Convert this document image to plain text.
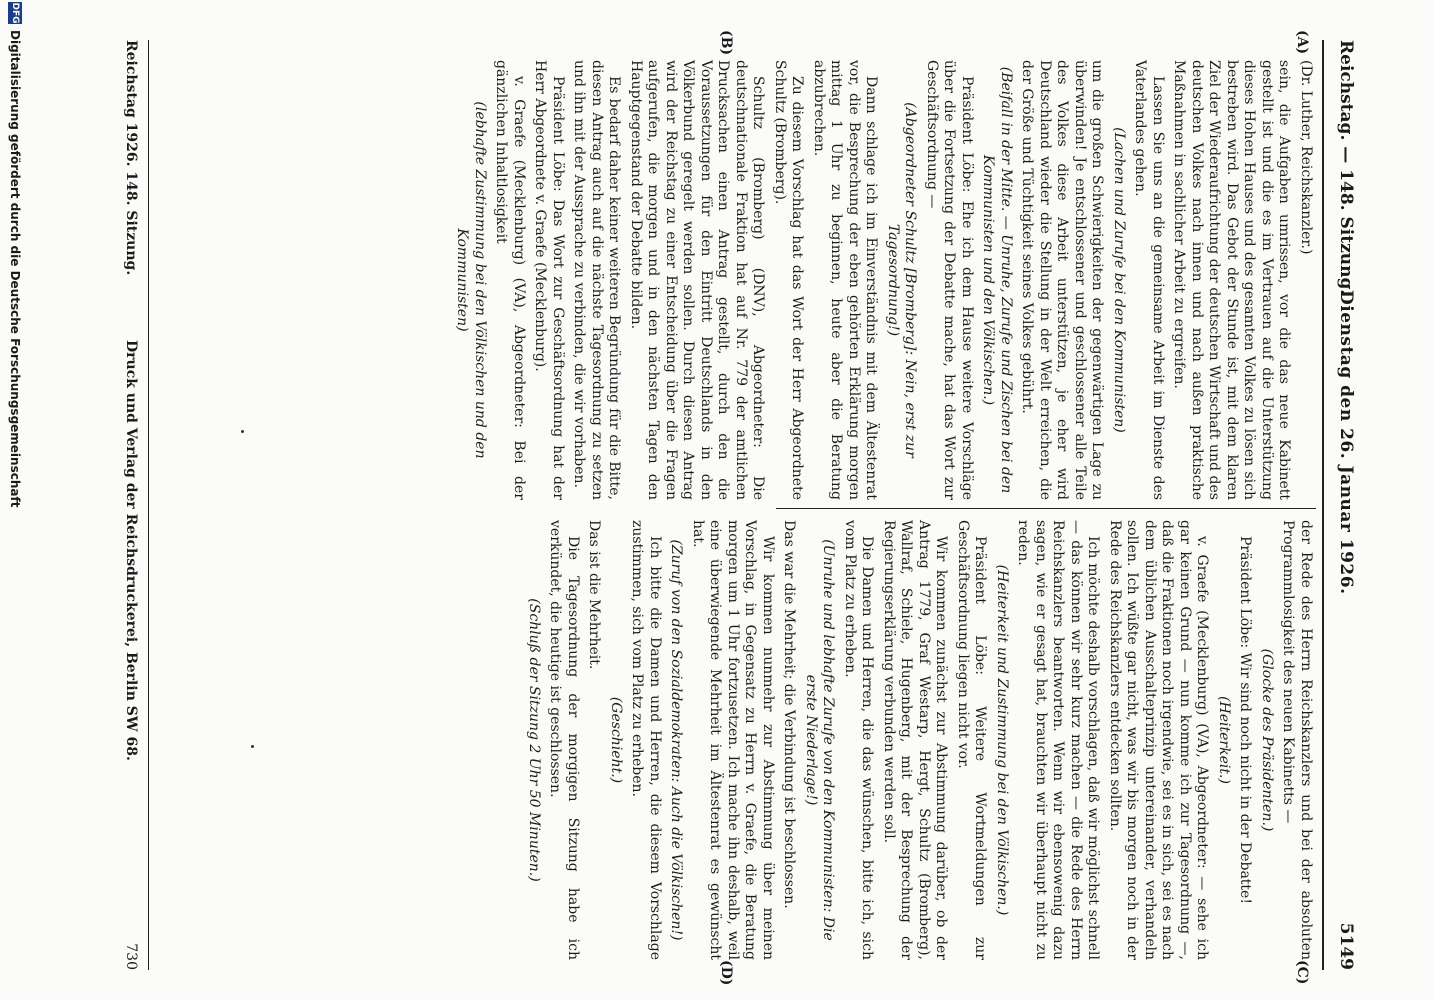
Reichstag. — 148. Sitzung.
Dienstag den 26. Januar 1926.
5149
(A)
(B)
(C)
(D)

(Dr. Luther, Reichskanzler.)

sein, die Aufgaben umrissen, vor die das neue Kabinett gestellt ist und die es im Vertrauen auf die Unterstützung dieses Hohen Hauses und des gesamten Volkes zu lösen sich bestreben wird. Das Gebot der Stunde ist, mit dem klaren Ziel der Wiederaufrichtung der deutschen Wirtschaft und des deutschen Volkes nach innen und nach außen praktische Maßnahmen in sachlicher Arbeit zu ergreifen.

Lassen Sie uns an die gemeinsame Arbeit im Dienste des Vaterlandes gehen.

(Lachen und Zurufe bei den Kommunisten)

um die großen Schwierigkeiten der gegenwärtigen Lage zu überwinden! Je entschlossener und geschlossener alle Teile des Volkes diese Arbeit unterstützen, je eher wird Deutschland wieder die Stellung in der Welt erreichen, die der Größe und Tüchtigkeit seines Volkes gebührt.

(Beifall in der Mitte. — Unruhe, Zurufe und Zischen bei den Kommunisten und den Völkischen.)

Präsident Löbe: Ehe ich dem Hause weitere Vorschläge über die Fortsetzung der Debatte mache, hat das Wort zur Geschäftsordnung —

(Abgeordneter Schultz [Bromberg]: Nein, erst zur Tagesordnung!)

Dann schlage ich im Einverständnis mit dem Ältestenrat vor, die Besprechung der eben gehörten Erklärung morgen mittag 1 Uhr zu beginnen, heute aber die Beratung abzubrechen.

Zu diesem Vorschlag hat das Wort der Herr Abgeordnete Schultz (Bromberg).

Schultz (Bromberg) (DNV), Abgeordneter: Die deutschnationale Fraktion hat auf Nr. 779 der amtlichen Drucksachen einen Antrag gestellt, durch den die Voraussetzungen für den Eintritt Deutschlands in den Völkerbund geregelt werden sollen. Durch diesen Antrag wird der Reichstag zu einer Entscheidung über die Fragen aufgerufen, die morgen und in den nächsten Tagen den Hauptgegenstand der Debatte bilden.

Es bedarf daher keiner weiteren Begründung für die Bitte, diesen Antrag auch auf die nächste Tagesordnung zu setzen und ihn mit der Aussprache zu verbinden, die wir vorhaben.

Präsident Löbe: Das Wort zur Geschäftsordnung hat der Herr Abgeordnete v. Graefe (Mecklenburg).

v. Graefe (Mecklenburg) (VA), Abgeordneter: Bei der gänzlichen Inhaltlosigkeit

(lebhafte Zustimmung bei den Völkischen und den Kommunisten)

der Rede des Herrn Reichskanzlers und bei der absoluten Programmlosigkeit des neuen Kabinetts —

(Glocke des Präsidenten.)

Präsident Löbe: Wir sind noch nicht in der Debatte!

(Heiterkeit.)

v. Graefe (Mecklenburg) (VA), Abgeordneter: — sehe ich gar keinen Grund — nun komme ich zur Tagesordnung —, daß die Fraktionen noch irgendwie, sei es in sich, sei es nach dem üblichen Ausschalteprinzip untereinander, verhandeln sollen. Ich wüßte gar nicht, was wir bis morgen noch in der Rede des Reichskanzlers entdecken sollten.

Ich möchte deshalb vorschlagen, daß wir möglichst schnell — das können wir sehr kurz machen — die Rede des Herrn Reichskanzlers beantworten. Wenn wir ebensowenig dazu sagen, wie er gesagt hat, brauchten wir überhaupt nicht zu reden.

(Heiterkeit und Zustimmung bei den Völkischen.)

Präsident Löbe: Weitere Wortmeldungen zur Geschäftsordnung liegen nicht vor.

Wir kommen zunächst zur Abstimmung darüber, ob der Antrag 1779, Graf Westarp, Hergt, Schultz (Bromberg), Wallraf, Schiele, Hugenberg, mit der Besprechung der Regierungserklärung verbunden werden soll.

Die Damen und Herren, die das wünschen, bitte ich, sich vom Platz zu erheben.

(Unruhe und lebhafte Zurufe von den Kommunisten: Die erste Niederlage!)

Das war die Mehrheit; die Verbindung ist beschlossen.

Wir kommen nunmehr zur Abstimmung über meinen Vorschlag, in Gegensatz zu Herrn v. Graefe, die Beratung morgen um 1 Uhr fortzusetzen. Ich mache ihn deshalb, weil eine überwiegende Mehrheit im Ältestenrat es gewünscht hat.

(Zuruf von den Sozialdemokraten: Auch die Völkischen!)

Ich bitte die Damen und Herren, die diesem Vorschlage zustimmen, sich vom Platz zu erheben.

(Geschieht.)

Das ist die Mehrheit.

Die Tagesordnung der morgigen Sitzung habe ich verkündet, die heutige ist geschlossen.

(Schluß der Sitzung 2 Uhr 50 Minuten.)

Reichstag 1926. 148. Sitzung.
Druck und Verlag der Reichsdruckerei, Berlin SW 68.
730
DFG
Digitalisierung gefördert durch die Deutsche Forschungsgemeinschaft
